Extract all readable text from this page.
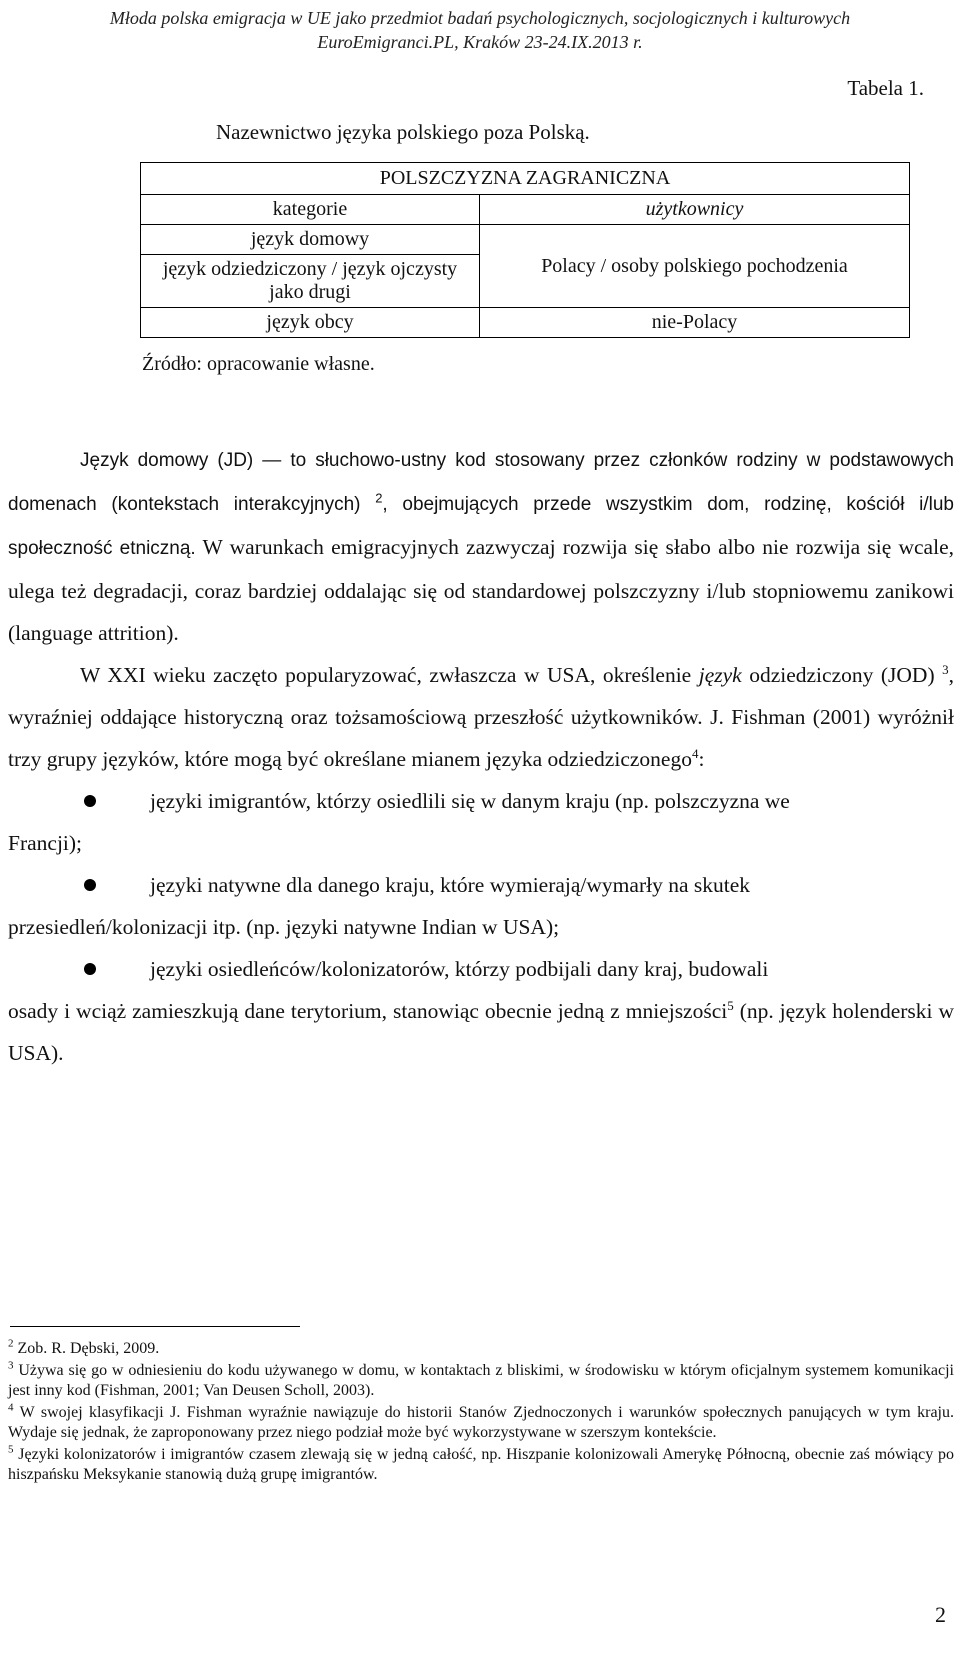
Młoda polska emigracja w UE jako przedmiot badań psychologicznych, socjologicznych i kulturowych
EuroEmigranci.PL, Kraków 23-24.IX.2013 r.
Tabela 1.
Nazewnictwo języka polskiego poza Polską.
POLSZCZYZNA ZAGRANICZNA	
kategorie	użytkownicy
język domowy	Polacy / osoby polskiego pochodzenia
język odziedziczony / język ojczysty jako drugi	
język obcy	nie-Polacy
Źródło: opracowanie własne.

Język domowy (JD) — to słuchowo-ustny kod stosowany przez członków rodziny w podstawowych domenach (kontekstach interakcyjnych) $^2$, obejmujących przede wszystkim dom, rodzinę, kościół i/lub społeczność etniczną. W warunkach emigracyjnych zazwyczaj rozwija się słabo albo nie rozwija się wcale, ulega też degradacji, coraz bardziej oddalając się od standardowej polszczyzny i/lub stopniowemu zanikowi (language attrition).

W XXI wieku zaczęto popularyzować, zwłaszcza w USA, określenie język odziedziczony (JOD) $^3$, wyraźniej oddające historyczną oraz tożsamościową przeszłość użytkowników. J. Fishman (2001) wyróżnił trzy grupy języków, które mogą być określane mianem języka odziedziczonego$^4$:

języki imigrantów, którzy osiedlili się w danym kraju (np. polszczyzna we

Francji);

języki natywne dla danego kraju, które wymierają/wymarły na skutek

przesiedleń/kolonizacji itp. (np. języki natywne Indian w USA);

języki osiedleńców/kolonizatorów, którzy podbijali dany kraj, budowali

osady i wciąż zamieszkują dane terytorium, stanowiąc obecnie jedną z mniejszości$^5$ (np. język holenderski w USA).

$^2$ Zob. R. Dębski, 2009.

$^3$ Używa się go w odniesieniu do kodu używanego w domu, w kontaktach z bliskimi, w środowisku w którym oficjalnym systemem komunikacji jest inny kod (Fishman, 2001; Van Deusen Scholl, 2003).

$^4$ W swojej klasyfikacji J. Fishman wyraźnie nawiązuje do historii Stanów Zjednoczonych i warunków społecznych panujących w tym kraju. Wydaje się jednak, że zaproponowany przez niego podział może być wykorzystywane w szerszym kontekście.

$^5$ Języki kolonizatorów i imigrantów czasem zlewają się w jedną całość, np. Hiszpanie kolonizowali Amerykę Północną, obecnie zaś mówiący po hiszpańsku Meksykanie stanowią dużą grupę imigrantów.

2
